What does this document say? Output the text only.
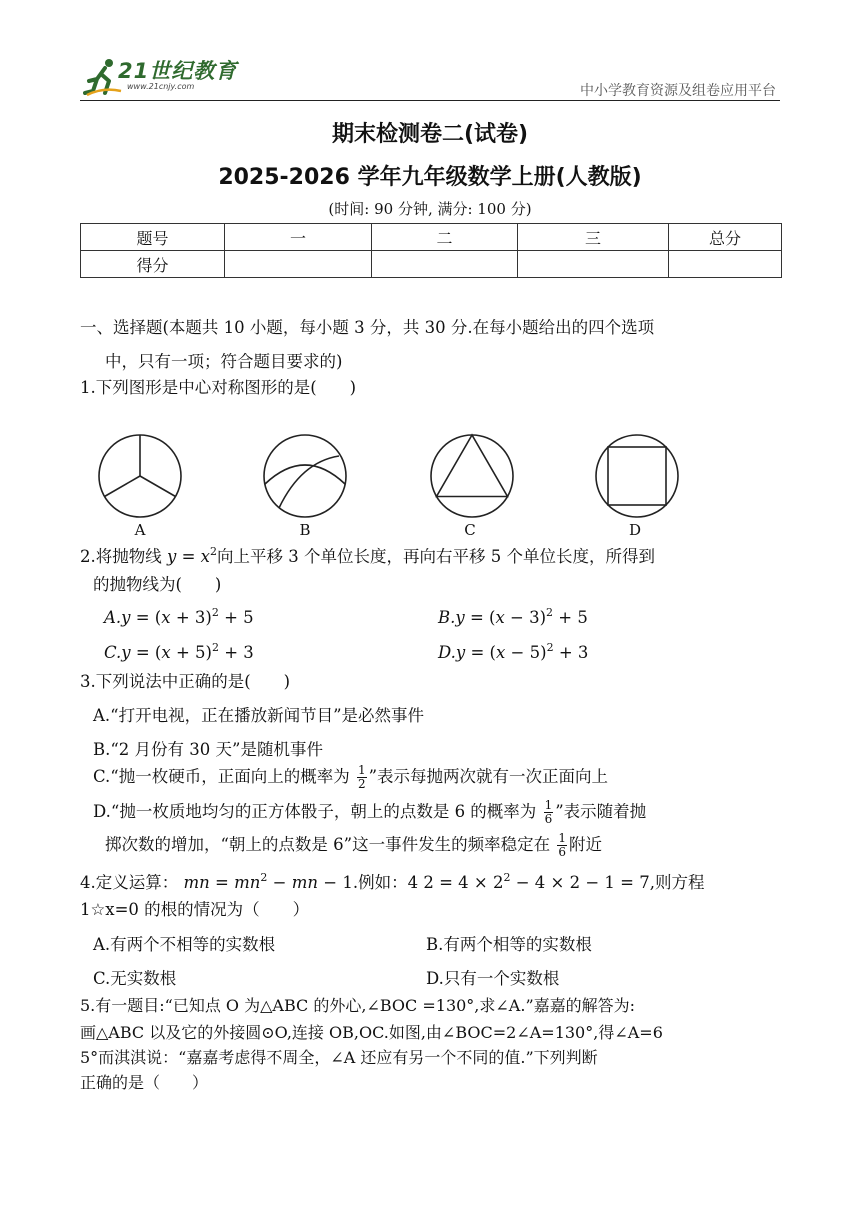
21世纪教育
www.21cnjy.com	中小学教育资源及组卷应用平台
期末检测卷二(试卷)
2025-2026 学年九年级数学上册(人教版)
(时间: 90 分钟, 满分: 100 分)
题号	一	二	三	总分
得分				
一、选择题(本题共 10 小题，每小题 3 分，共 30 分.在每小题给出的四个选项
中，只有一项；符合题目要求的)
1.下列图形是中心对称图形的是(　　)
A	B	C	D
2.将抛物线 $y = x^2$向上平移 3 个单位长度，再向右平移 5 个单位长度，所得到
的抛物线为(　　)
$A.y = (x + 3)^2 + 5$	$B.y = (x - 3)^2 + 5$
$C.y = (x + 5)^2 + 3$	$D.y = (x - 5)^2 + 3$
3.下列说法中正确的是(　　)
A.“打开电视，正在播放新闻节目”是必然事件
B.“2 月份有 30 天”是随机事件
C.“抛一枚硬币，正面向上的概率为 $\frac{1}{2}$ ”表示每抛两次就有一次正面向上
D.“抛一枚质地均匀的正方体骰子，朝上的点数是 6 的概率为 $\frac{1}{6}$ ”表示随着抛
掷次数的增加，“朝上的点数是 6”这一事件发生的频率稳定在 $\frac{1}{6}$ 附近
4.定义运算： mn = $mn^2$ − mn − 1.例如：4 $2 = 4 \times 2^2 - 4 \times 2 - 1 = 7$,则方程
1☆x=0 的根的情况为（　　）
A.有两个不相等的实数根	B.有两个相等的实数根
C.无实数根	D.只有一个实数根
5.有一题目:“已知点 O 为△ABC 的外心,∠BOC =130°,求∠A.”嘉嘉的解答为:
画△ABC 以及它的外接圆⊙O,连接 OB,OC.如图,由∠BOC=2∠A=130°,得∠A=6
5°而淇淇说：“嘉嘉考虑得不周全，∠A 还应有另一个不同的值.”下列判断
正确的是（　　）
